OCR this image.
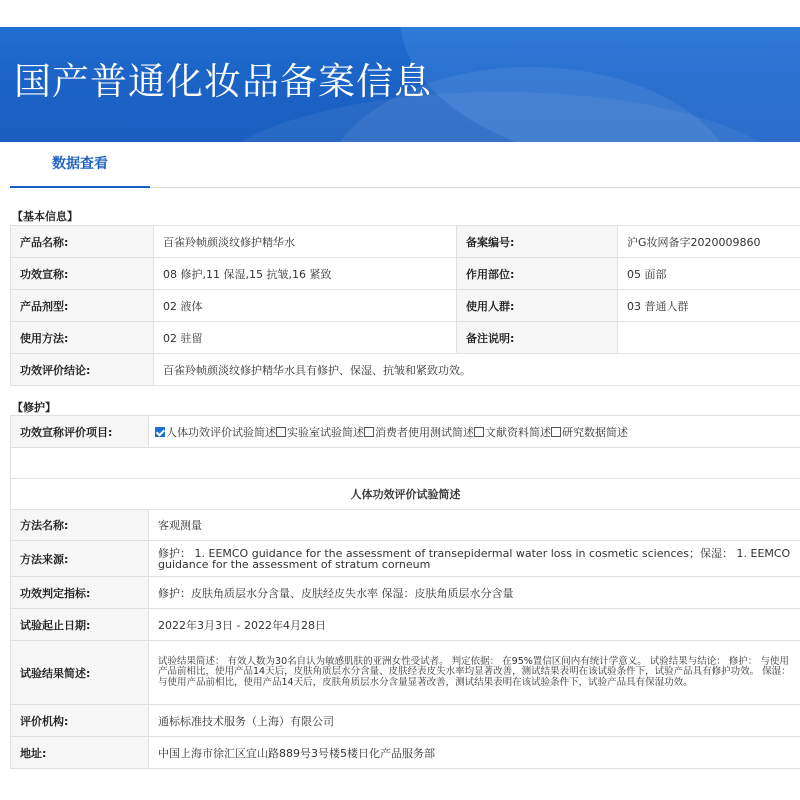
国产普通化妆品备案信息
数据查看
【基本信息】
产品名称:	百雀羚帧颜淡纹修护精华水	备案编号:	沪G妆网备字2020009860
功效宣称:	08 修护,11 保湿,15 抗皱,16 紧致	作用部位:	05 面部
产品剂型:	02 液体	使用人群:	03 普通人群
使用方法:	02 驻留	备注说明:	
功效评价结论:	百雀羚帧颜淡纹修护精华水具有修护、保湿、抗皱和紧致功效。		
【修护】
功效宣称评价项目:	人体功效评价试验简述 实验室试验简述 消费者使用测试简述 文献资料简述 研究数据简述

人体功效评价试验简述	
方法名称:	客观测量
方法来源:	修护： 1. EEMCO guidance for the assessment of transepidermal water loss in cosmetic sciences；保湿： 1. EEMCO guidance for the assessment of stratum corneum
功效判定指标:	修护：皮肤角质层水分含量、皮肤经皮失水率 保湿：皮肤角质层水分含量
试验起止日期:	2022年3月3日 - 2022年4月28日
试验结果简述:	试验结果简述： 有效人数为30名自认为敏感肌肤的亚洲女性受试者。 判定依据： 在95%置信区间内有统计学意义。 试验结果与结论： 修护： 与使用产品前相比，使用产品14天后，皮肤角质层水分含量、皮肤经表皮失水率均显著改善，测试结果表明在该试验条件下，试验产品具有修护功效。 保湿： 与使用产品前相比，使用产品14天后，皮肤角质层水分含量显著改善，测试结果表明在该试验条件下，试验产品具有保湿功效。
评价机构:	通标标准技术服务（上海）有限公司
地址:	中国上海市徐汇区宜山路889号3号楼5楼日化产品服务部
